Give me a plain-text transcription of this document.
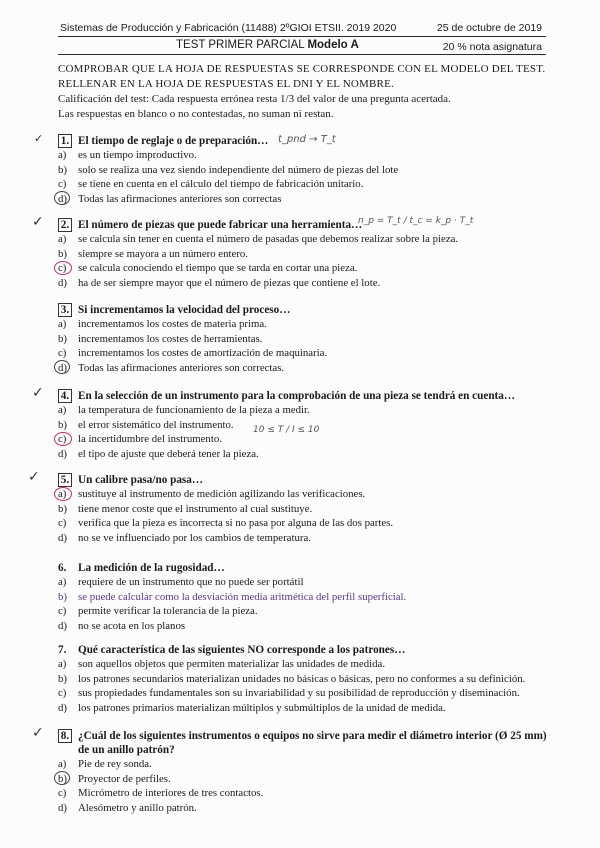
Sistemas de Producción y Fabricación (11488) 2ºGIOI ETSII. 2019 2020	25 de octubre de 2019
TEST PRIMER PARCIAL Modelo A	20 % nota asignatura
COMPROBAR QUE LA HOJA DE RESPUESTAS SE CORRESPONDE CON EL MODELO DEL TEST.
RELLENAR EN LA HOJA DE RESPUESTAS EL DNI Y EL NOMBRE.
Calificación del test: Cada respuesta errónea resta 1/3 del valor de una pregunta acertada.
Las respuestas en blanco o no contestadas, no suman ni restan.
1. El tiempo de reglaje o de preparación… t_pnd → T_t
a) es un tiempo improductivo.
b) solo se realiza una vez siendo independiente del número de piezas del lote
c) se tiene en cuenta en el cálculo del tiempo de fabricación unitario.
d) Todas las afirmaciones anteriores son correctas
✓
2. El número de piezas que puede fabricar una herramienta…
n_p = T_t / t_c = k_p · T_t
a) se calcula sin tener en cuenta el número de pasadas que debemos realizar sobre la pieza.
b) siempre se mayora a un número entero.
c) se calcula conociendo el tiempo que se tarda en cortar una pieza.
d) ha de ser siempre mayor que el número de piezas que contiene el lote.
✓
3. Si incrementamos la velocidad del proceso…
a) incrementamos los costes de materia prima.
b) incrementamos los costes de herramientas.
c) incrementamos los costes de amortización de maquinaria.
d) Todas las afirmaciones anteriores son correctas.
4. En la selección de un instrumento para la comprobación de una pieza se tendrá en cuenta…
10 ≤ T / I ≤ 10
a) la temperatura de funcionamiento de la pieza a medir.
b) el error sistemático del instrumento.
c) la incertidumbre del instrumento.
d) el tipo de ajuste que deberá tener la pieza.
✓
5. Un calibre pasa/no pasa…
a) sustituye al instrumento de medición agilizando las verificaciones.
b) tiene menor coste que el instrumento al cual sustituye.
c) verifica que la pieza es incorrecta si no pasa por alguna de las dos partes.
d) no se ve influenciado por los cambios de temperatura.
✓
6. La medición de la rugosidad…
a) requiere de un instrumento que no puede ser portátil
b) se puede calcular como la desviación media aritmética del perfil superficial.
c) permite verificar la tolerancia de la pieza.
d) no se acota en los planos
7. Qué característica de las siguientes NO corresponde a los patrones…
a) son aquellos objetos que permiten materializar las unidades de medida.
b) los patrones secundarios materializan unidades no básicas o básicas, pero no conformes a su definición.
c) sus propiedades fundamentales son su invariabilidad y su posibilidad de reproducción y diseminación.
d) los patrones primarios materializan múltiplos y submúltiplos de la unidad de medida.
8. ¿Cuál de los siguientes instrumentos o equipos no sirve para medir el diámetro interior (Ø 25 mm)
de un anillo patrón?
a) Pie de rey sonda.
b) Proyector de perfiles.
c) Micrómetro de interiores de tres contactos.
d) Alesómetro y anillo patrón.
✓
